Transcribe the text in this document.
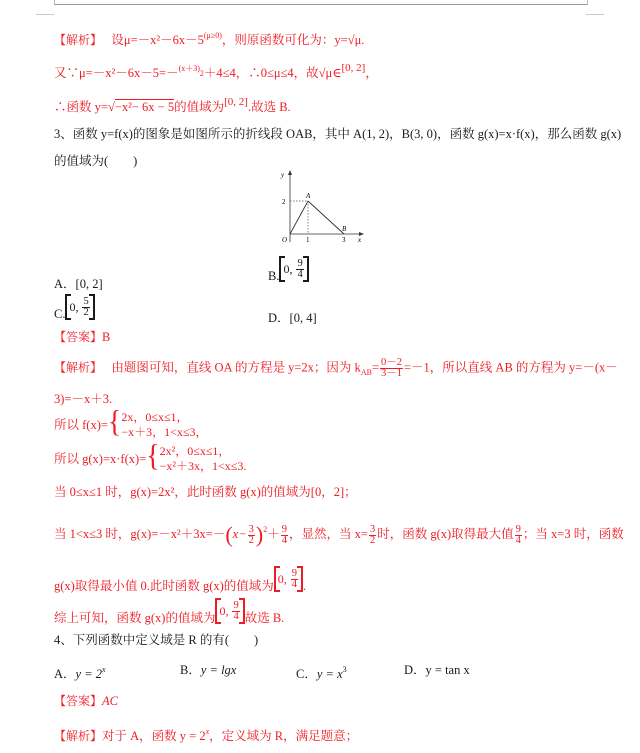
【解析】 设$\mu=-x^2-6x-5^{(\mu\ge 0)}$，则原函数可化为：y=√μ.
又∵μ=－x²－6x－5=－$^{(x+3)2}$＋4≤4，∴0≤μ≤4，故√μ∈[0, 2]，
∴函数 y=√−x²− 6x − 5的值域为[0, 2].故选 B.
3、函数 y=f(x)的图象是如图所示的折线段 OAB，其中 A(1, 2)，B(3, 0)，函数 g(x)=x·f(x)，那么函数 g(x)
的值域为(　　)
y
x
O
A
B
2
1	3
A．[0, 2]
B. 0,
$\frac{9}{4}$
C. 0,
$\frac{5}{2}$
D．[0, 4]
【答案】B
【解析】 由题图可知，直线 OA 的方程是 y=2x；因为 $k_{AB}= \frac{0-2}{3-1} =-1$，所以直线 AB 的方程为 y=－(x－
3)=－x＋3.
所以 f(x)= { 2x，0≤x≤1，
−x＋3，1<x≤3，
所以 g(x)=x·f(x)= { 2x²，0≤x≤1，
−x²＋3x，1<x≤3.
当 0≤x≤1 时，g(x)=2x²，此时函数 g(x)的值域为[0，2]；
当 1<x≤3 时，$g(x)=-x^2+3x=-(x- \frac{3}{2} )^2+ \frac{9}{4}$ ，显然，当 $x= \frac{3}{2}$ 时，函数 g(x)取得最大值 $\frac{9}{4}$ ；当 x=3 时，函数
g(x)取得最小值 0.此时函数 g(x)的值域为 0,
$\frac{9}{4}$ .
综上可知，函数 g(x)的值域为 0,
$\frac{9}{4}$ 故选 B.
4、下列函数中定义域是 R 的有(　　)
A．$y = 2^x$	B．y = lgx	C．$y = x^3$	D．y = tan x
【答案】AC
【解析】对于 A，函数 $y = 2^x$，定义域为 R，满足题意；
